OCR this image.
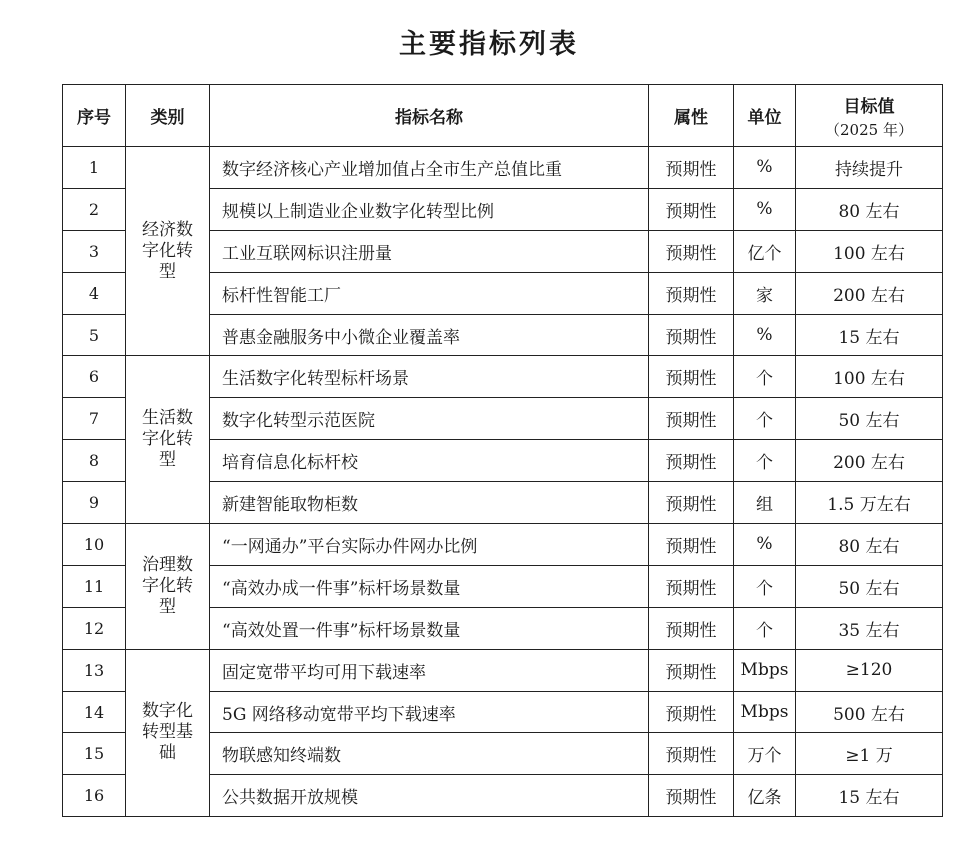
主要指标列表
序号	类别	指标名称	属性	单位	目标值
（2025 年）

1	经济数字化转型	数字经济核心产业增加值占全市生产总值比重	预期性	%	持续提升
2		规模以上制造业企业数字化转型比例	预期性	%	80 左右
3		工业互联网标识注册量	预期性	亿个	100 左右
4		标杆性智能工厂	预期性	家	200 左右
5		普惠金融服务中小微企业覆盖率	预期性	%	15 左右
6	生活数字化转型	生活数字化转型标杆场景	预期性	个	100 左右
7		数字化转型示范医院	预期性	个	50 左右
8		培育信息化标杆校	预期性	个	200 左右
9		新建智能取物柜数	预期性	组	1.5 万左右
10	治理数字化转型	“一网通办”平台实际办件网办比例	预期性	%	80 左右
11		“高效办成一件事”标杆场景数量	预期性	个	50 左右
12		“高效处置一件事”标杆场景数量	预期性	个	35 左右
13	数字化转型基础	固定宽带平均可用下载速率	预期性	Mbps	≥120
14		5G 网络移动宽带平均下载速率	预期性	Mbps	500 左右
15		物联感知终端数	预期性	万个	≥1 万
16		公共数据开放规模	预期性	亿条	15 左右
